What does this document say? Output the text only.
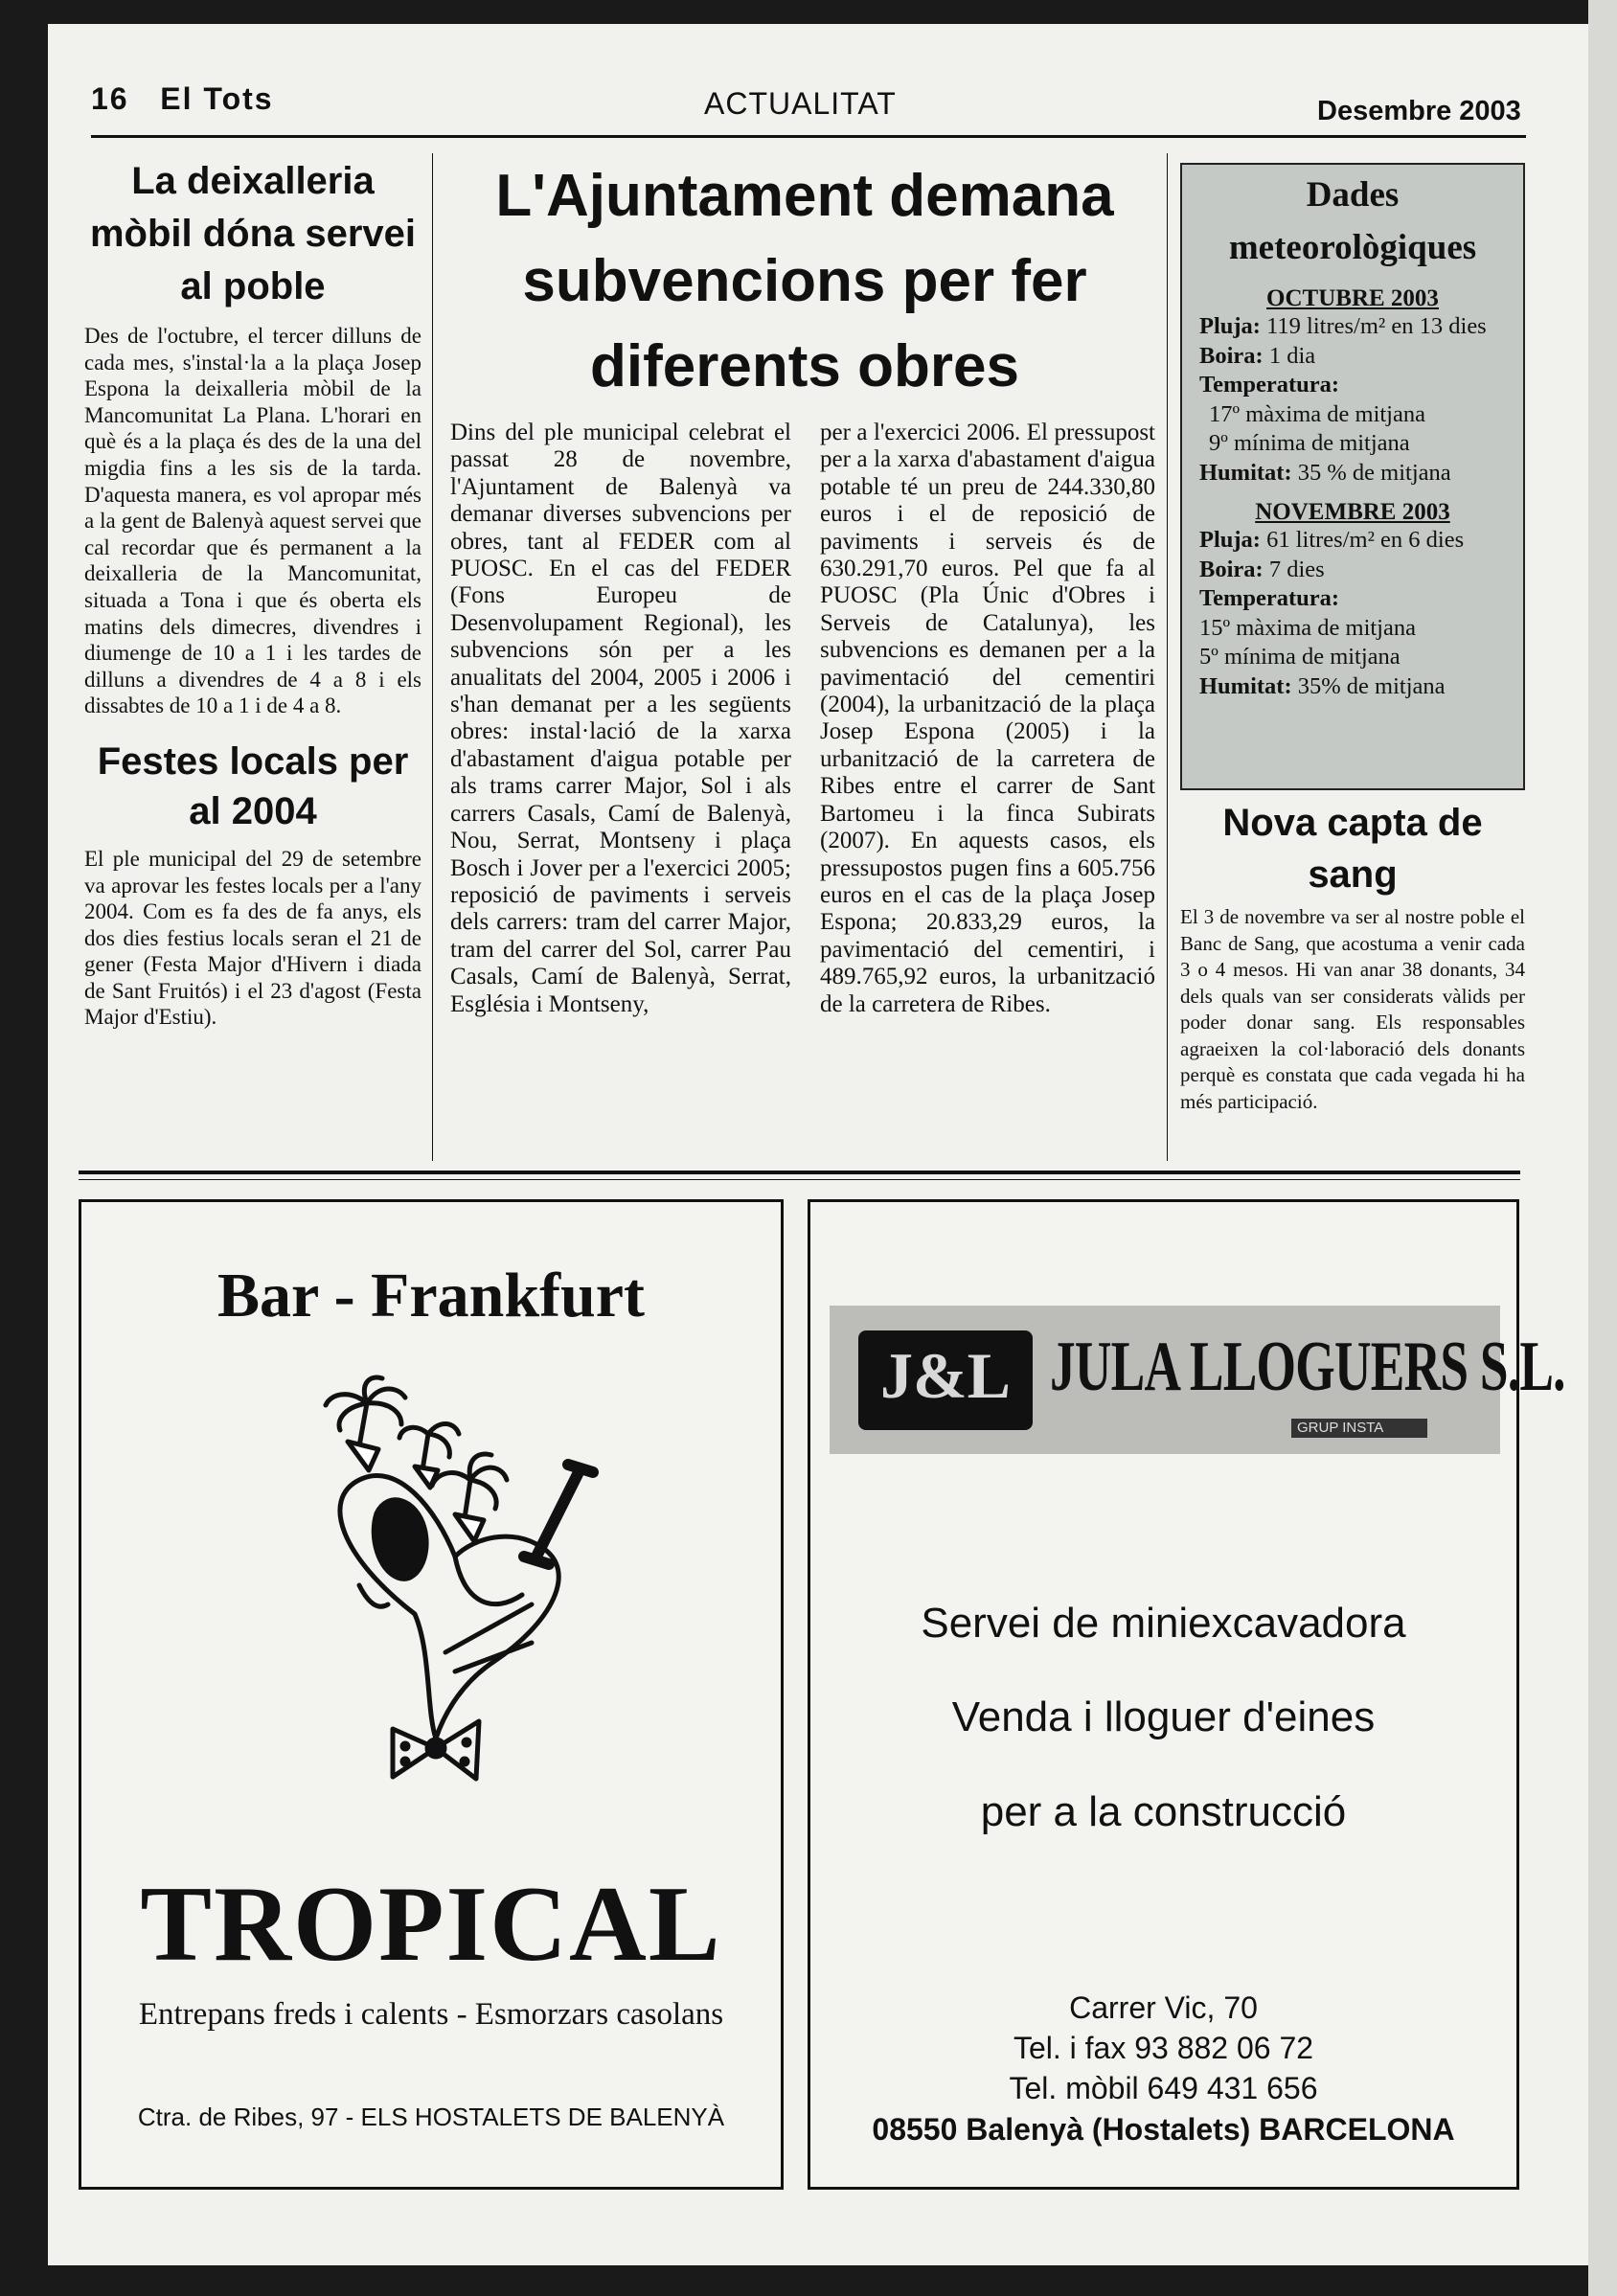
16 El Tots	ACTUALITAT	Desembre 2003
La deixalleria mòbil dóna servei al poble

Des de l'octubre, el tercer dilluns de cada mes, s'instal·la a la plaça Josep Espona la deixalleria mòbil de la Mancomunitat La Plana. L'horari en què és a la plaça és des de la una del migdia fins a les sis de la tarda. D'aquesta manera, es vol apropar més a la gent de Balenyà aquest servei que cal recordar que és permanent a la deixalleria de la Mancomunitat, situada a Tona i que és oberta els matins dels dimecres, divendres i diumenge de 10 a 1 i les tardes de dilluns a divendres de 4 a 8 i els dissabtes de 10 a 1 i de 4 a 8.

Festes locals per al 2004

El ple municipal del 29 de setembre va aprovar les festes locals per a l'any 2004. Com es fa des de fa anys, els dos dies festius locals seran el 21 de gener (Festa Major d'Hivern i diada de Sant Fruitós) i el 23 d'agost (Festa Major d'Estiu).

L'Ajuntament demana subvencions per fer diferents obres

Dins del ple municipal celebrat el passat 28 de novembre, l'Ajuntament de Balenyà va demanar diverses subvencions per obres, tant al FEDER com al PUOSC. En el cas del FEDER (Fons Europeu de Desenvolupament Regional), les subvencions són per a les anualitats del 2004, 2005 i 2006 i s'han demanat per a les següents obres: instal·lació de la xarxa d'abastament d'aigua potable per als trams carrer Major, Sol i als carrers Casals, Camí de Balenyà, Nou, Serrat, Montseny i plaça Bosch i Jover per a l'exercici 2005; reposició de paviments i serveis dels carrers: tram del carrer Major, tram del carrer del Sol, carrer Pau Casals, Camí de Balenyà, Serrat, Església i Montseny,

per a l'exercici 2006. El pressupost per a la xarxa d'abastament d'aigua potable té un preu de 244.330,80 euros i el de reposició de paviments i serveis és de 630.291,70 euros. Pel que fa al PUOSC (Pla Únic d'Obres i Serveis de Catalunya), les subvencions es demanen per a la pavimentació del cementiri (2004), la urbanització de la plaça Josep Espona (2005) i la urbanització de la carretera de Ribes entre el carrer de Sant Bartomeu i la finca Subirats (2007). En aquests casos, els pressupostos pugen fins a 605.756 euros en el cas de la plaça Josep Espona; 20.833,29 euros, la pavimentació del cementiri, i 489.765,92 euros, la urbanització de la carretera de Ribes.

Dades meteorològiques
OCTUBRE 2003
Pluja: 119 litres/m² en 13 dies
Boira: 1 dia
Temperatura:
17º màxima de mitjana
9º mínima de mitjana
Humitat: 35 % de mitjana
NOVEMBRE 2003
Pluja: 61 litres/m² en 6 dies
Boira: 7 dies
Temperatura:
15º màxima de mitjana
5º mínima de mitjana
Humitat: 35% de mitjana
Nova capta de sang

El 3 de novembre va ser al nostre poble el Banc de Sang, que acostuma a venir cada 3 o 4 mesos. Hi van anar 38 donants, 34 dels quals van ser considerats vàlids per poder donar sang. Els responsables agraeixen la col·laboració dels donants perquè es constata que cada vegada hi ha més participació.

Bar - Frankfurt
TROPICAL
Entrepans freds i calents - Esmorzars casolans
Ctra. de Ribes, 97 - ELS HOSTALETS DE BALENYÀ
J&L JULA LLOGUERS S.L.
GRUP INSTA
Servei de miniexcavadora
Venda i lloguer d'eines
per a la construcció
Carrer Vic, 70
Tel. i fax 93 882 06 72
Tel. mòbil 649 431 656
08550 Balenyà (Hostalets) BARCELONA
